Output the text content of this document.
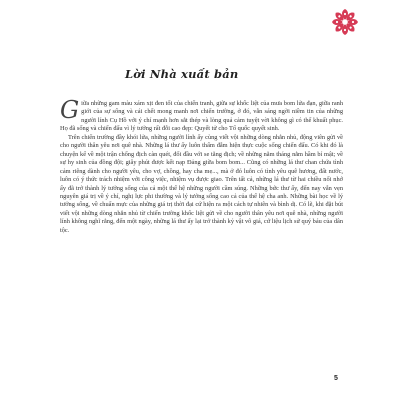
Lời Nhà xuất bản

Giữa những gam màu xám xịt đen tối của chiến tranh, giữa sự khốc liệt của mưa bom lửa đạn, giữa ranh giới của sự sống và cái chết mong manh nơi chiến trường, ở đó, vẫn sáng ngời niềm tin của những người lính Cụ Hồ với ý chí mạnh hơn sắt thép và lòng quả cảm tuyệt vời không gì có thể khuất phục. Họ đã sống và chiến đấu vì lý tưởng rất đỗi cao đẹp: Quyết tử cho Tổ quốc quyết sinh.

Trên chiến trường đầy khói lửa, những người lính ấy cùng viết vội những dòng nhắn nhủ, động viên gửi về cho người thân yêu nơi quê nhà. Những lá thư ấy luôn thấm đẫm hiện thực cuộc sống chiến đấu. Có khi đó là chuyện kể về một trận chống địch càn quét, đối đầu với se tăng địch; về những năm tháng nằm hầm bí mật; về sự hy sinh của đồng đội; giây phút được kết nạp Đảng giữa bom bom... Cũng có những lá thư chan chứa tình cảm riêng dành cho người yêu, cho vợ, chồng, hay cha mẹ..., mà ở đó luôn có tình yêu quê hương, đất nước, luôn có ý thức trách nhiệm với công việc, nhiệm vụ được giao. Trên tất cả, những lá thư từ hai chiều nối nhớ ấy đã trở thành lý tưởng sống của cả một thế hệ những người cầm súng. Những bức thư ấy, đến nay vẫn vẹn nguyên giá trị về ý chí, nghị lực phi thường và lý tưởng sống cao cả của thế hệ cha anh. Những bài học về lý tưởng sống, về chuẩn mực của những giá trị thời đại cứ hiện ra một cách tự nhiên và bình dị. Có lẽ, khi đặt bút viết vội những dòng nhắn nhủ từ chiến trường khốc liệt gửi về cho người thân yêu nơi quê nhà, những người lính không nghĩ rằng, đến một ngày, những lá thư ấy lại trở thành kỷ vật vô giá, cứ liệu lịch sử quý báu của dân tộc.

5
